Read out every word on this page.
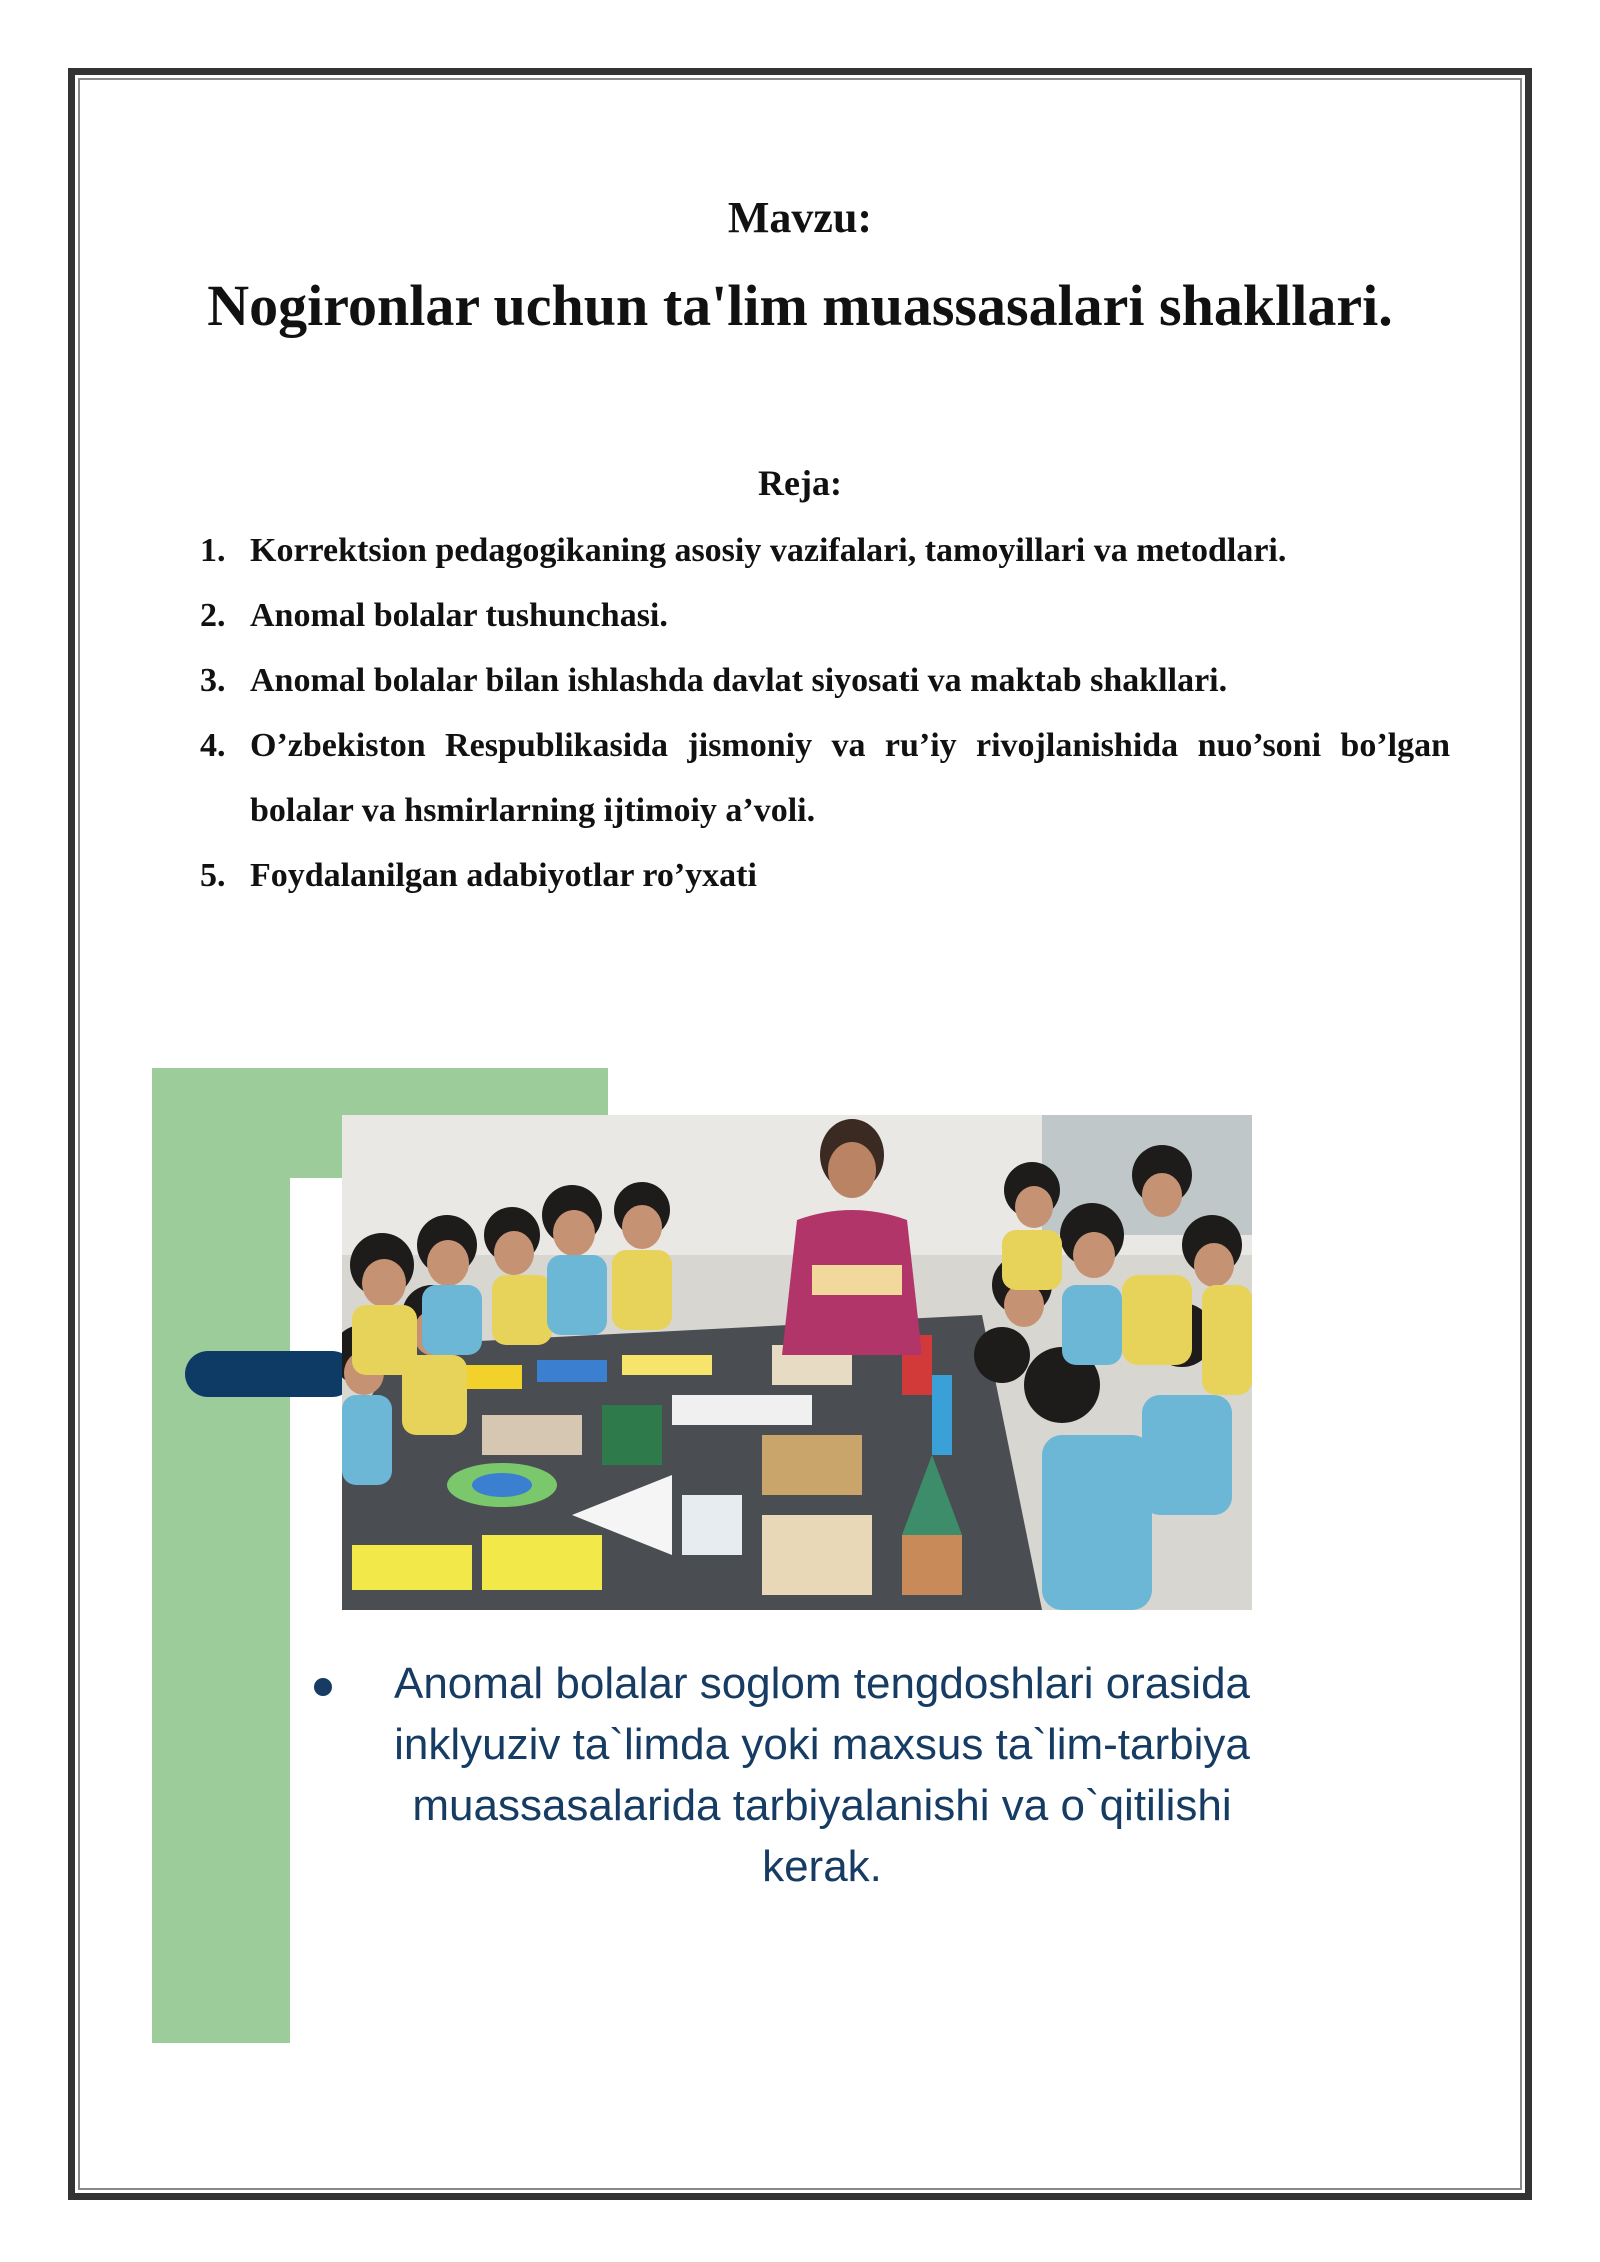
Mavzu:
Nogironlar uchun ta'lim muassasalari shakllari.
Reja:
1. Korrektsion pedagogikaning asosiy vazifalari, tamoyillari va metodlari.
2. Anomal bolalar tushunchasi.
3. Anomal bolalar bilan ishlashda davlat siyosati va maktab shakllari.
4. O’zbekiston Respublikasida jismoniy va ru’iy rivojlanishida nuo’soni bo’lgan bolalar va hsmirlarning ijtimoiy a’voli.
5. Foydalanilgan adabiyotlar ro’yxati
Anomal bolalar soglom tengdoshlari orasida inklyuziv ta`limda yoki maxsus ta`lim-tarbiya muassasalarida tarbiyalanishi va o`qitilishi kerak.
